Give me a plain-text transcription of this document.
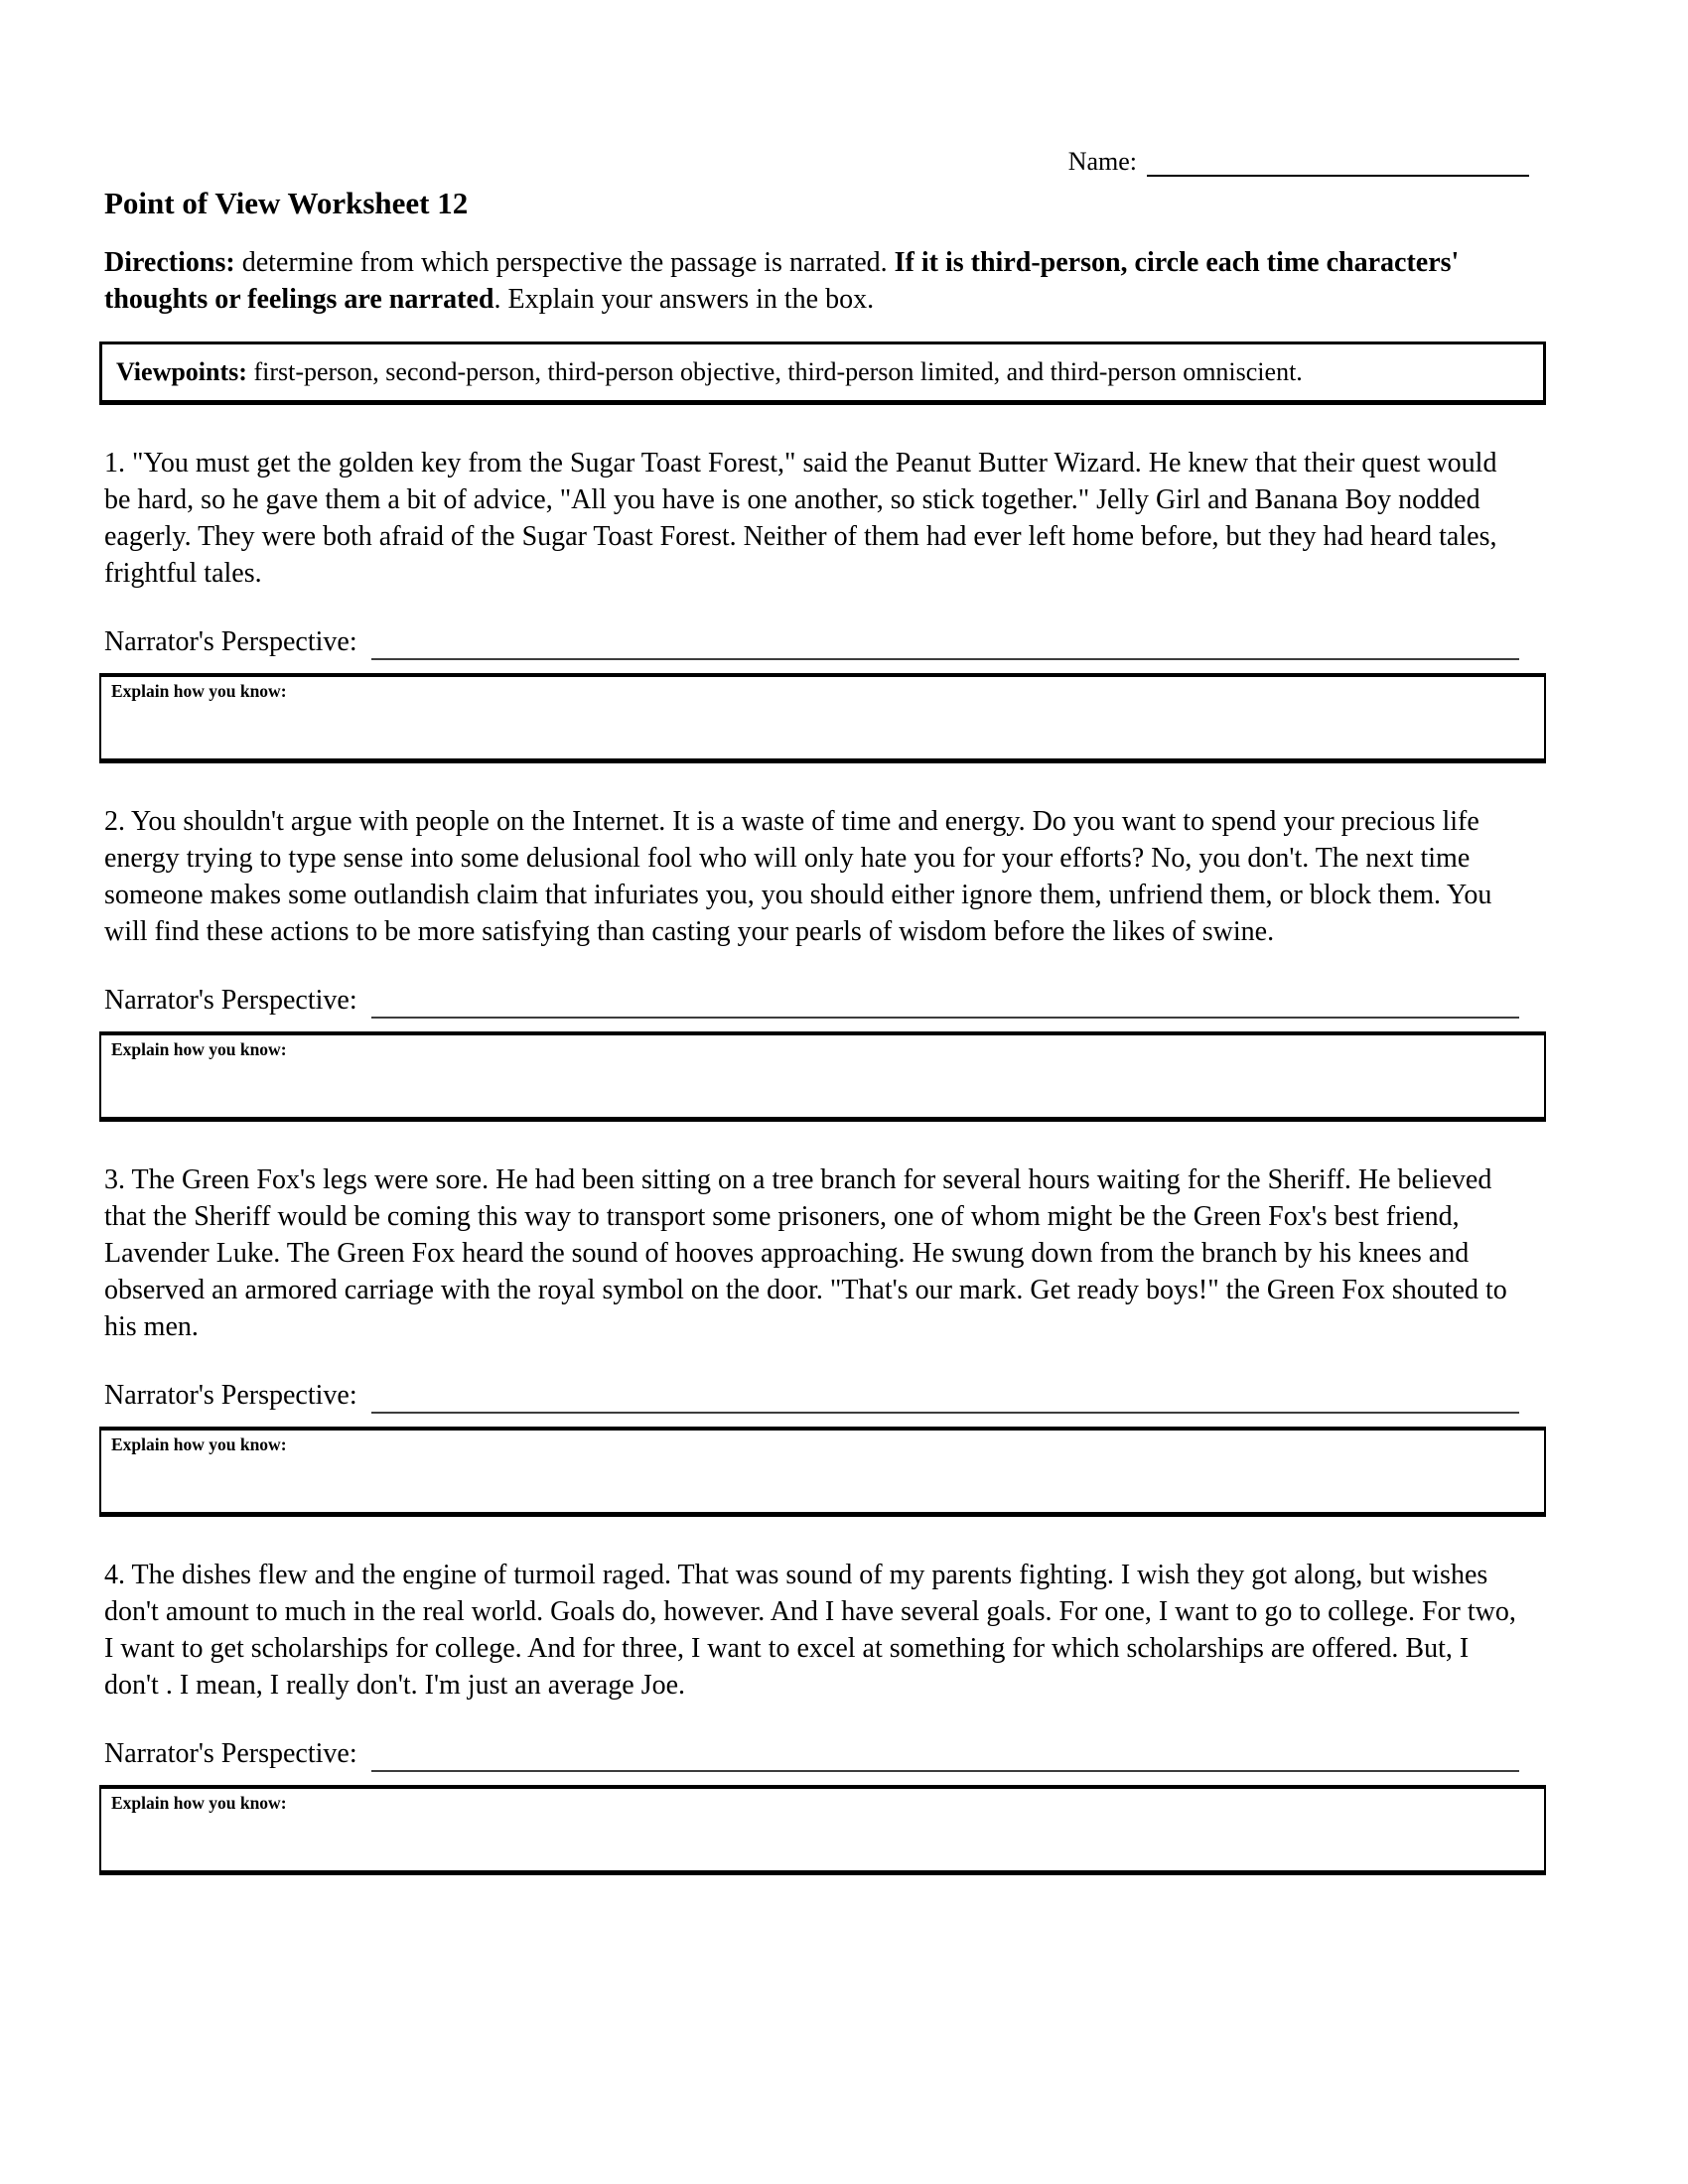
Name:
Point of View Worksheet 12

Directions: determine from which perspective the passage is narrated. If it is third-person, circle each time characters' thoughts or feelings are narrated. Explain your answers in the box.

Viewpoints: first-person, second-person, third-person objective, third-person limited, and third-person omniscient.

1. "You must get the golden key from the Sugar Toast Forest," said the Peanut Butter Wizard. He knew that their quest would be hard, so he gave them a bit of advice, "All you have is one another, so stick together." Jelly Girl and Banana Boy nodded eagerly. They were both afraid of the Sugar Toast Forest. Neither of them had ever left home before, but they had heard tales, frightful tales.

Narrator's Perspective:
Explain how you know:

2. You shouldn't argue with people on the Internet. It is a waste of time and energy. Do you want to spend your precious life energy trying to type sense into some delusional fool who will only hate you for your efforts? No, you don't. The next time someone makes some outlandish claim that infuriates you, you should either ignore them, unfriend them, or block them. You will find these actions to be more satisfying than casting your pearls of wisdom before the likes of swine.

Narrator's Perspective:
Explain how you know:

3. The Green Fox's legs were sore. He had been sitting on a tree branch for several hours waiting for the Sheriff. He believed that the Sheriff would be coming this way to transport some prisoners, one of whom might be the Green Fox's best friend, Lavender Luke. The Green Fox heard the sound of hooves approaching. He swung down from the branch by his knees and observed an armored carriage with the royal symbol on the door. "That's our mark. Get ready boys!" the Green Fox shouted to his men.

Narrator's Perspective:
Explain how you know:

4. The dishes flew and the engine of turmoil raged. That was sound of my parents fighting. I wish they got along, but wishes don't amount to much in the real world. Goals do, however. And I have several goals. For one, I want to go to college. For two, I want to get scholarships for college. And for three, I want to excel at something for which scholarships are offered. But, I don't . I mean, I really don't. I'm just an average Joe.

Narrator's Perspective:
Explain how you know:
